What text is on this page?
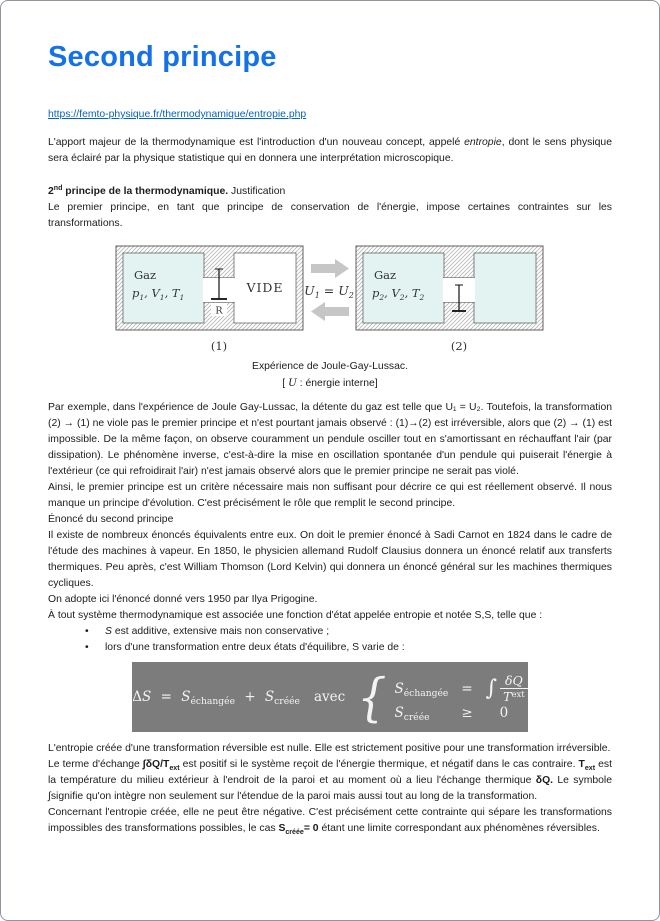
Second principe
https://femto-physique.fr/thermodynamique/entropie.php

L'apport majeur de la thermodynamique est l'introduction d'un nouveau concept, appelé entropie, dont le sens physique sera éclairé par la physique statistique qui en donnera une interprétation microscopique.

2nd principe de la thermodynamique. Justification

Le premier principe, en tant que principe de conservation de l'énergie, impose certaines contraintes sur les transformations.

R
Gaz
$p_1$, $V_1$, $T_1$
VIDE
(1)
$U_1 = U_2$
Gaz
$p_2$, $V_2$, $T_2$
(2)
Expérience de Joule-Gay-Lussac.
[ U : énergie interne]

Par exemple, dans l'expérience de Joule Gay-Lussac, la détente du gaz est telle que U₁ = U₂. Toutefois, la transformation (2) → (1) ne viole pas le premier principe et n'est pourtant jamais observé : (1)→(2) est irréversible, alors que (2) → (1) est impossible. De la même façon, on observe couramment un pendule osciller tout en s'amortissant en réchauffant l'air (par dissipation). Le phénomène inverse, c'est-à-dire la mise en oscillation spontanée d'un pendule qui puiserait l'énergie à l'extérieur (ce qui refroidirait l'air) n'est jamais observé alors que le premier principe ne serait pas violé.

Ainsi, le premier principe est un critère nécessaire mais non suffisant pour décrire ce qui est réellement observé. Il nous manque un principe d'évolution. C'est précisément le rôle que remplit le second principe.

Énoncé du second principe

Il existe de nombreux énoncés équivalents entre eux. On doit le premier énoncé à Sadi Carnot en 1824 dans le cadre de l'étude des machines à vapeur. En 1850, le physicien allemand Rudolf Clausius donnera un énoncé relatif aux transferts thermiques. Peu après, c'est William Thomson (Lord Kelvin) qui donnera un énoncé général sur les machines thermiques cycliques.

On adopte ici l'énoncé donné vers 1950 par Ilya Prigogine.

À tout système thermodynamique est associée une fonction d'état appelée entropie et notée S,S, telle que :

•	S est additive, extensive mais non conservative ;
•	lors d'une transformation entre deux états d'équilibre, S varie de :
$\Delta S = S_{échangée} + S_{créée}$ avec { $S_{échangée}$ = ∫ $\frac{\delta Q}{T^{ext}}$
$S_{créée}$	≥	0

L'entropie créée d'une transformation réversible est nulle. Elle est strictement positive pour une transformation irréversible.

Le terme d'échange $\int\delta Q/T_{ext}$ est positif si le système reçoit de l'énergie thermique, et négatif dans le cas contraire. $T_{ext}$ est la température du milieu extérieur à l'endroit de la paroi et au moment où a lieu l'échange thermique δQ. Le symbole ∫signifie qu'on intègre non seulement sur l'étendue de la paroi mais aussi tout au long de la transformation.

Concernant l'entropie créée, elle ne peut être négative. C'est précisément cette contrainte qui sépare les transformations impossibles des transformations possibles, le cas $S_{créée}= 0$ étant une limite correspondant aux phénomènes réversibles.
